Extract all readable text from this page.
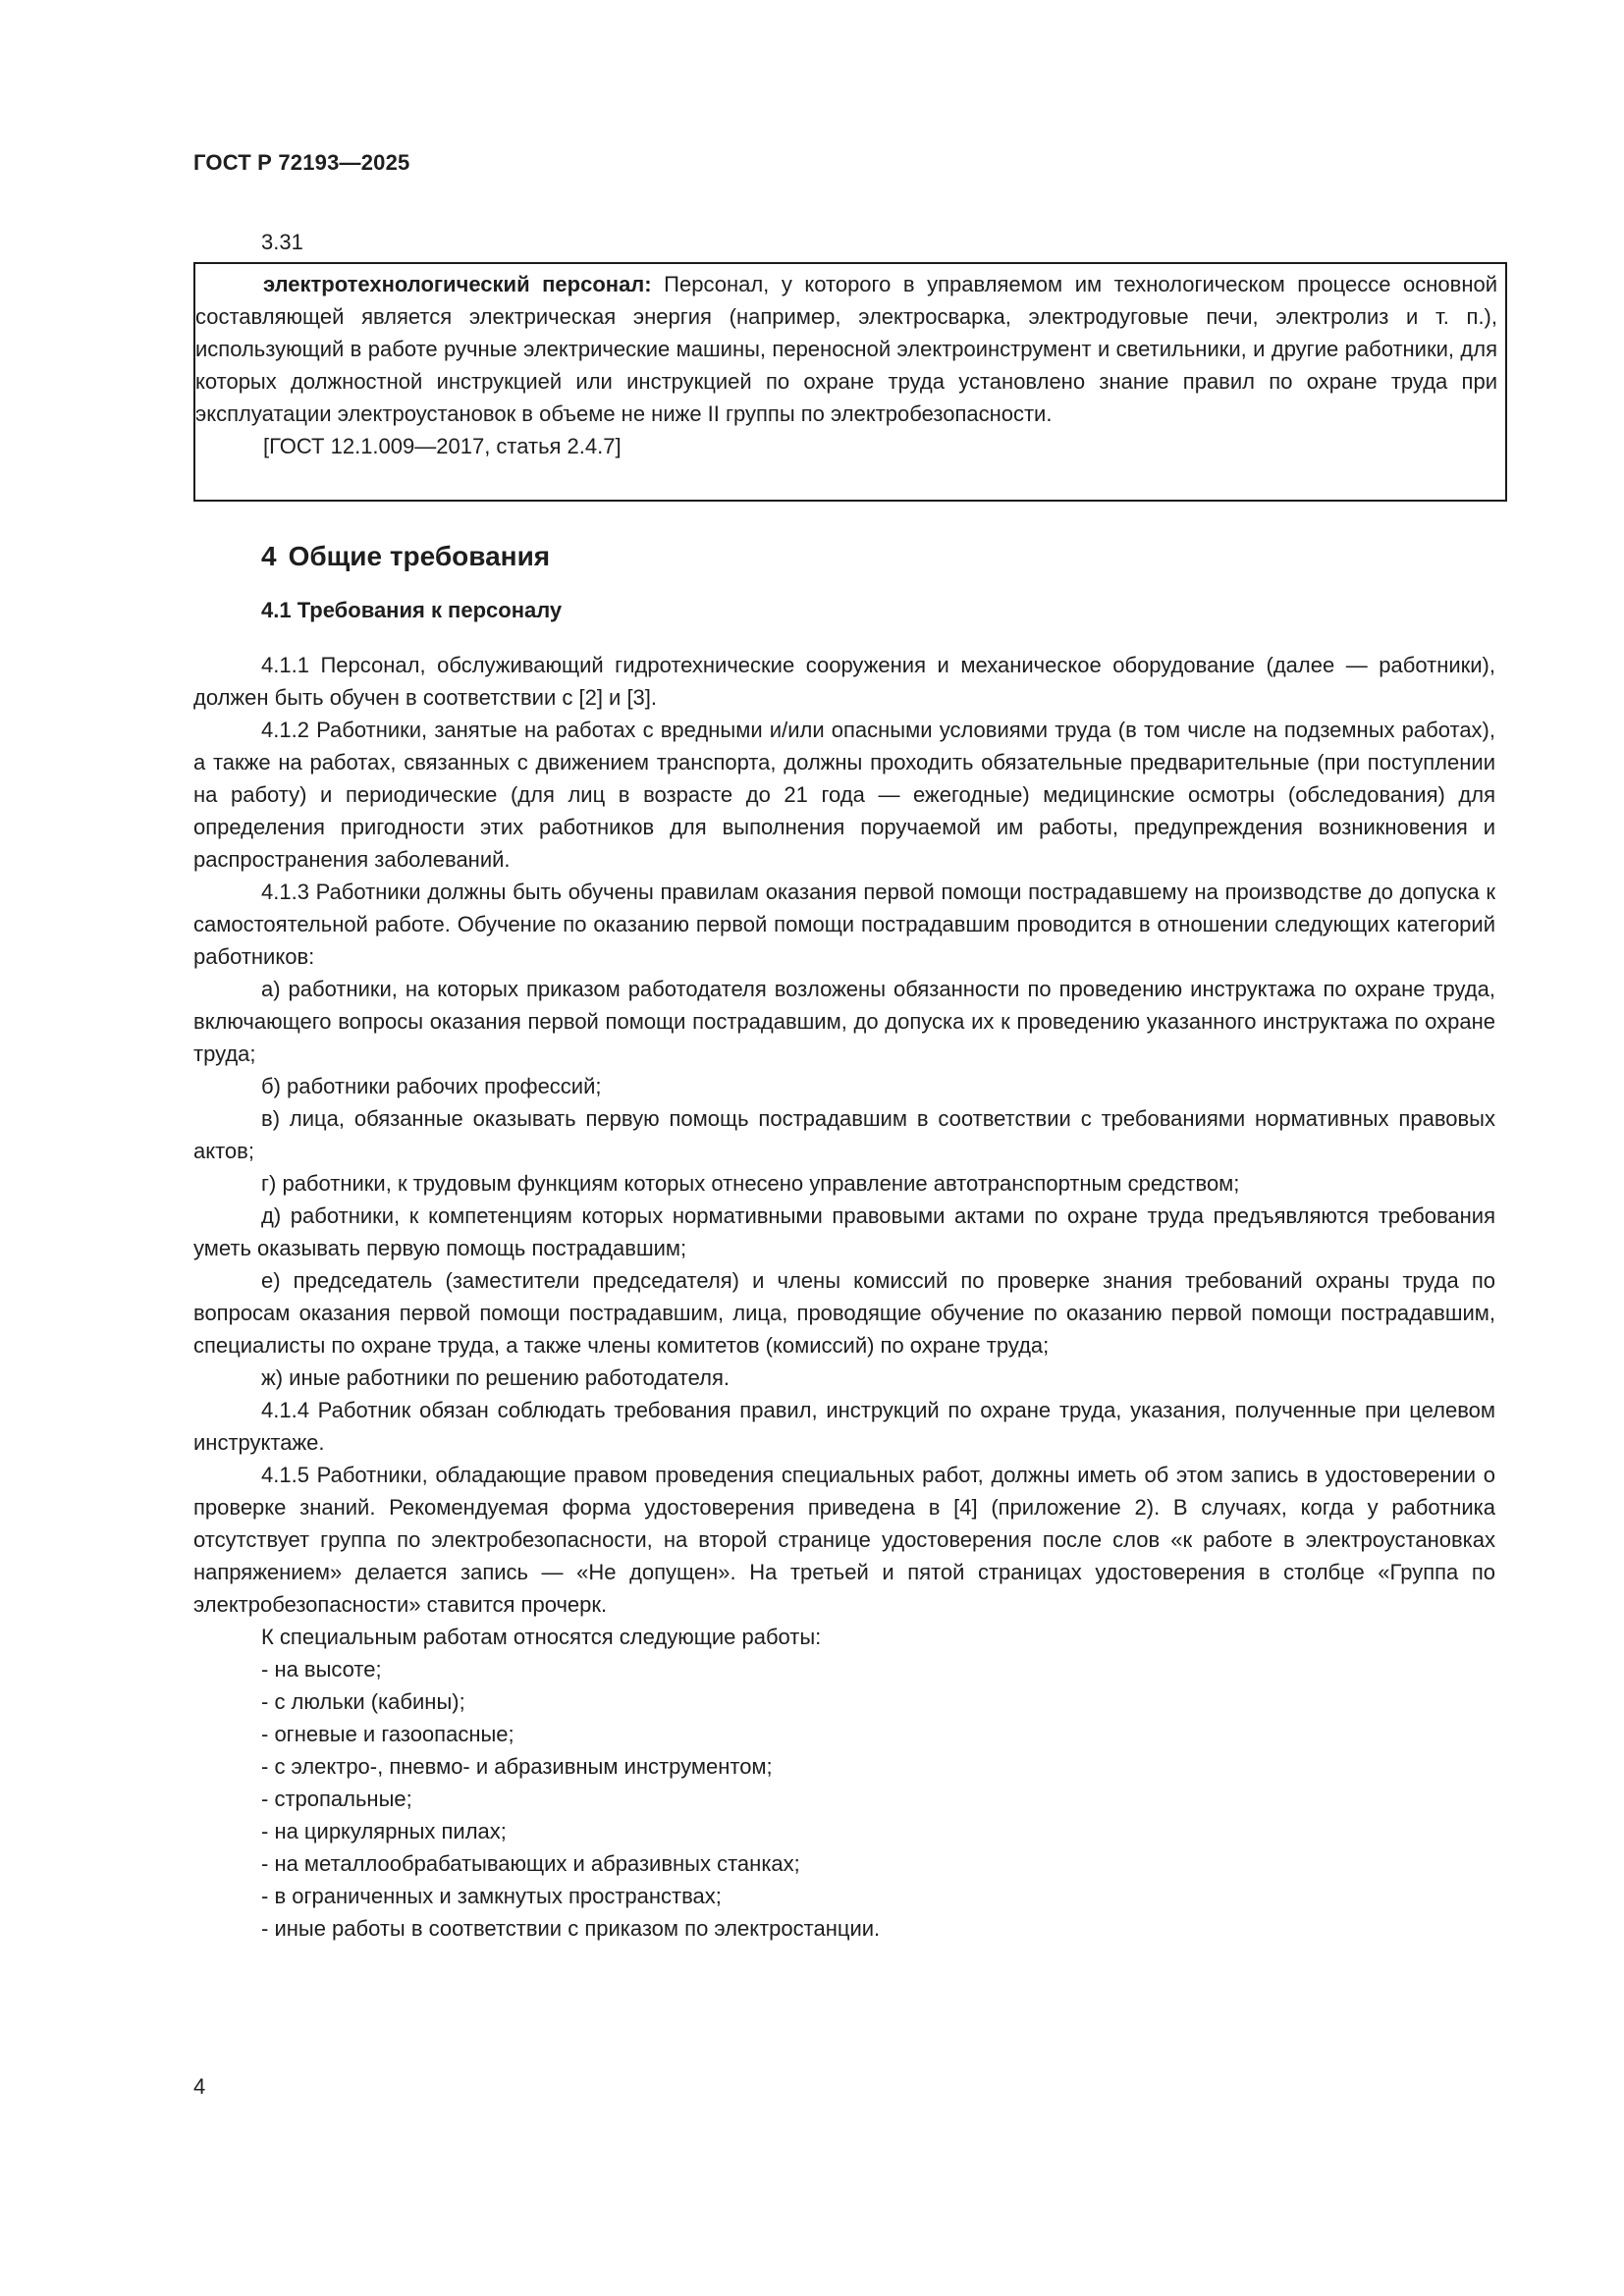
ГОСТ Р 72193—2025
3.31

электротехнологический персонал: Персонал, у которого в управляемом им технологическом процессе основной составляющей является электрическая энергия (например, электросварка, электродуговые печи, электролиз и т. п.), использующий в работе ручные электрические машины, переносной электроинструмент и светильники, и другие работники, для которых должностной инструкцией или инструкцией по охране труда установлено знание правил по охране труда при эксплуатации электроустановок в объеме не ниже II группы по электробезопасности.

[ГОСТ 12.1.009—2017, статья 2.4.7]

4 Общие требования
4.1 Требования к персоналу

4.1.1 Персонал, обслуживающий гидротехнические сооружения и механическое оборудование (далее — работники), должен быть обучен в соответствии с [2] и [3].

4.1.2 Работники, занятые на работах с вредными и/или опасными условиями труда (в том числе на подземных работах), а также на работах, связанных с движением транспорта, должны проходить обязательные предварительные (при поступлении на работу) и периодические (для лиц в возрасте до 21 года — ежегодные) медицинские осмотры (обследования) для определения пригодности этих работников для выполнения поручаемой им работы, предупреждения возникновения и распространения заболеваний.

4.1.3 Работники должны быть обучены правилам оказания первой помощи пострадавшему на производстве до допуска к самостоятельной работе. Обучение по оказанию первой помощи пострадавшим проводится в отношении следующих категорий работников:

а) работники, на которых приказом работодателя возложены обязанности по проведению инструктажа по охране труда, включающего вопросы оказания первой помощи пострадавшим, до допуска их к проведению указанного инструктажа по охране труда;

б) работники рабочих профессий;

в) лица, обязанные оказывать первую помощь пострадавшим в соответствии с требованиями нормативных правовых актов;

г) работники, к трудовым функциям которых отнесено управление автотранспортным средством;

д) работники, к компетенциям которых нормативными правовыми актами по охране труда предъявляются требования уметь оказывать первую помощь пострадавшим;

е) председатель (заместители председателя) и члены комиссий по проверке знания требований охраны труда по вопросам оказания первой помощи пострадавшим, лица, проводящие обучение по оказанию первой помощи пострадавшим, специалисты по охране труда, а также члены комитетов (комиссий) по охране труда;

ж) иные работники по решению работодателя.

4.1.4 Работник обязан соблюдать требования правил, инструкций по охране труда, указания, полученные при целевом инструктаже.

4.1.5 Работники, обладающие правом проведения специальных работ, должны иметь об этом запись в удостоверении о проверке знаний. Рекомендуемая форма удостоверения приведена в [4] (приложение 2). В случаях, когда у работника отсутствует группа по электробезопасности, на второй странице удостоверения после слов «к работе в электроустановках напряжением» делается запись — «Не допущен». На третьей и пятой страницах удостоверения в столбце «Группа по электробезопасности» ставится прочерк.

К специальным работам относятся следующие работы:

- на высоте;

- с люльки (кабины);

- огневые и газоопасные;

- с электро-, пневмо- и абразивным инструментом;

- стропальные;

- на циркулярных пилах;

- на металлообрабатывающих и абразивных станках;

- в ограниченных и замкнутых пространствах;

- иные работы в соответствии с приказом по электростанции.

4
